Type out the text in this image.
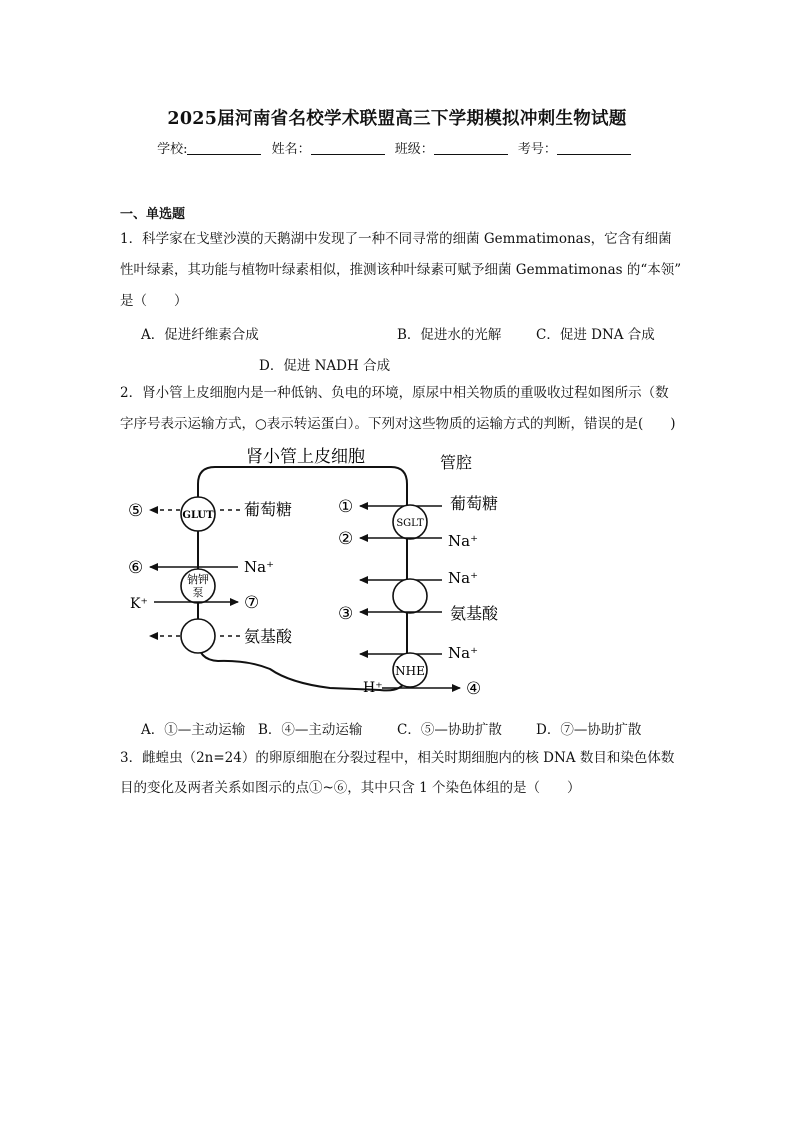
2025届河南省名校学术联盟高三下学期模拟冲刺生物试题
学校:	姓名：	班级：	考号：
一、单选题
1．科学家在戈壁沙漠的天鹅湖中发现了一种不同寻常的细菌 Gemmatimonas，它含有细菌
性叶绿素，其功能与植物叶绿素相似，推测该种叶绿素可赋予细菌 Gemmatimonas 的“本领”
是（　　）
A．促进纤维素合成	B．促进水的光解	C．促进 DNA 合成
D．促进 NADH 合成
2．肾小管上皮细胞内是一种低钠、负电的环境，原尿中相关物质的重吸收过程如图所示（数
字序号表示运输方式，○表示转运蛋白）。下列对这些物质的运输方式的判断，错误的是(　　)
肾小管上皮细胞	管腔
GLUT 葡萄糖
⑤
Na⁺
⑥
钠钾
泵
K⁺	⑦
氨基酸
葡萄糖
①
SGLT
Na⁺
②
Na⁺
氨基酸
③
Na⁺
NHE
H⁺	④
A．①—主动运输 B．④—主动运输	C．⑤—协助扩散	D．⑦—协助扩散
3．雌蝗虫（2n=24）的卵原细胞在分裂过程中，相关时期细胞内的核 DNA 数目和染色体数
目的变化及两者关系如图示的点①~⑥，其中只含 1 个染色体组的是（　　）
